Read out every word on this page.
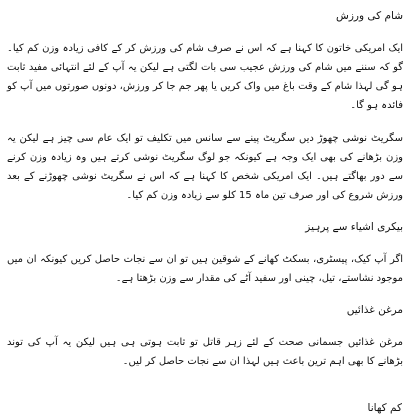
شام کی ورزش

ایک امریکی خاتون کا کہنا ہے کہ اس نے صرف شام کی ورزش کر کے کافی زیادہ وزن کم کیا۔ گو کہ سننے میں شام کی ورزش عجیب سی بات لگتی ہے لیکن یہ آپ کے لئے انتہائی مفید ثابت ہو گی لہذا شام کے وقت باغ میں واک کریں یا پھر جم جا کر ورزش، دونوں صورتوں میں آپ کو فائدہ ہو گا۔

سگریٹ نوشی چھوڑ دیں سگریٹ پینے سے سانس میں تکلیف تو ایک عام سی چیز ہے لیکن یہ وزن بڑھانے کی بھی ایک وجہ ہے کیونکہ جو لوگ سگریٹ نوشی کرتے ہیں وہ زیادہ وزن کرنے سے دور بھاگتے ہیں۔ ایک امریکی شخص کا کہنا ہے کہ اس نے سگریٹ نوشی چھوڑنے کے بعد ورزش شروع کی اور صرف تین ماہ 15 کلو سے زیادہ وزن کم کیا۔

بیکری اشیاء سے پرہیز

اگر آپ کیک، پیسٹری، بسکٹ کھانے کے شوقین ہیں تو ان سے نجات حاصل کریں کیونکہ ان میں موجود نشاستے، تیل، چینی اور سفید آٹے کی مقدار سے وزن بڑھتا ہے۔

مرغن غذائیں

مرغن غذائیں جسمانی صحت کے لئے زہر قاتل تو ثابت ہوتی ہی ہیں لیکن یہ آپ کی توند بڑھانے کا بھی اہم ترین باعث ہیں لہذا ان سے نجات حاصل کر لیں۔

کم کھانا
